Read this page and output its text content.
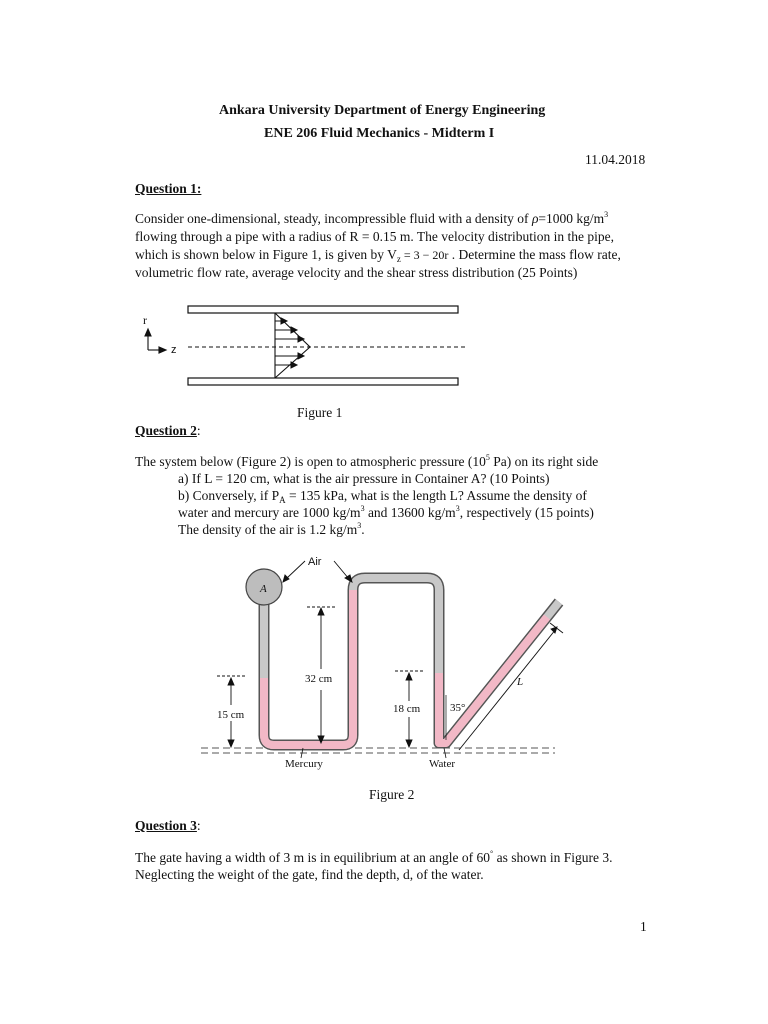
Ankara University Department of Energy Engineering
ENE 206 Fluid Mechanics - Midterm I
11.04.2018
Question 1:
Consider one-dimensional, steady, incompressible fluid with a density of ρ=1000 $kg/m^3$
flowing through a pipe with a radius of R = 0.15 m. The velocity distribution in the pipe,
which is shown below in Figure 1, is given by $V_z = 3 - 20r$ . Determine the mass flow rate,
volumetric flow rate, average velocity and the shear stress distribution (25 Points)
r
z
Figure 1
Question 2:
The system below (Figure 2) is open to atmospheric pressure ($10^5$ Pa) on its right side
a) If L = 120 cm, what is the air pressure in Container A? (10 Points)
b) Conversely, if $P_A = 135$ kPa, what is the length L? Assume the density of
water and mercury are 1000 $kg/m^3$ and 13600 $kg/m^3$, respectively (15 points)
The density of the air is 1.2 $kg/m^3$.
A
Air
32 cm
15 cm	18 cm	35°
L
Mercury	Water
Figure 2
Question 3:
The gate having a width of 3 m is in equilibrium at an angle of 60° as shown in Figure 3.
Neglecting the weight of the gate, find the depth, d, of the water.
1
